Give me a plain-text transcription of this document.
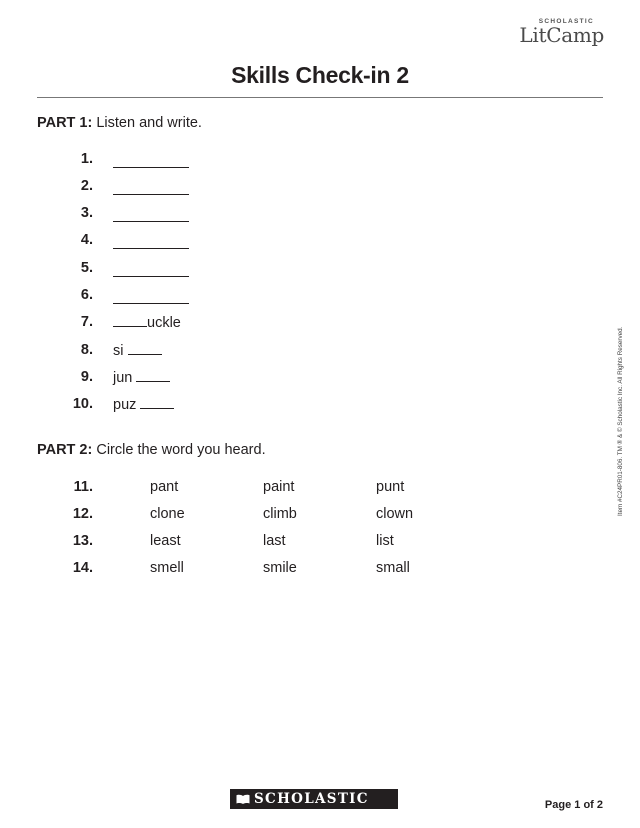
SCHOLASTIC
LitCamp
Skills Check-in 2
PART 1: Listen and write.
1.
2.
3.
4.
5.
6.
7.	uckle
8. si
9. jun
10. puz
PART 2: Circle the word you heard.
11.	pant	paint	punt
12.	clone	climb	clown
13.	least	last	list
14.	smell	smile	small
Item #C24PR01-806. TM ® & © Scholastic Inc. All Rights Reserved.
SCHOLASTIC	Page 1 of 2
